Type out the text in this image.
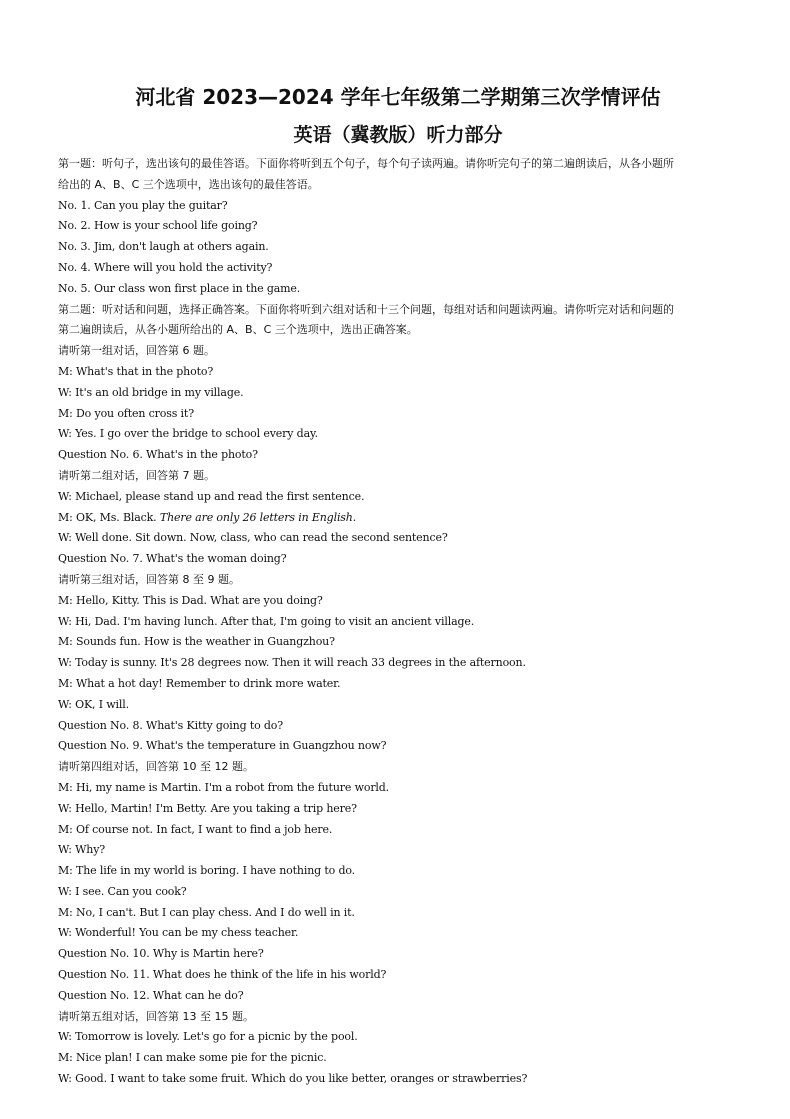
河北省 2023—2024 学年七年级第二学期第三次学情评估
英语（冀教版）听力部分
第一题：听句子，选出该句的最佳答语。下面你将听到五个句子，每个句子读两遍。请你听完句子的第二遍朗读后，从各小题所
给出的 A、B、C 三个选项中，选出该句的最佳答语。
No. 1. Can you play the guitar?
No. 2. How is your school life going?
No. 3. Jim, don't laugh at others again.
No. 4. Where will you hold the activity?
No. 5. Our class won first place in the game.
第二题：听对话和问题，选择正确答案。下面你将听到六组对话和十三个问题，每组对话和问题读两遍。请你听完对话和问题的
第二遍朗读后，从各小题所给出的 A、B、C 三个选项中，选出正确答案。
请听第一组对话，回答第 6 题。
M: What's that in the photo?
W: It's an old bridge in my village.
M: Do you often cross it?
W: Yes. I go over the bridge to school every day.
Question No. 6. What's in the photo?
请听第二组对话，回答第 7 题。
W: Michael, please stand up and read the first sentence.
M: OK, Ms. Black. There are only 26 letters in English.
W: Well done. Sit down. Now, class, who can read the second sentence?
Question No. 7. What's the woman doing?
请听第三组对话，回答第 8 至 9 题。
M: Hello, Kitty. This is Dad. What are you doing?
W: Hi, Dad. I'm having lunch. After that, I'm going to visit an ancient village.
M: Sounds fun. How is the weather in Guangzhou?
W: Today is sunny. It's 28 degrees now. Then it will reach 33 degrees in the afternoon.
M: What a hot day! Remember to drink more water.
W: OK, I will.
Question No. 8. What's Kitty going to do?
Question No. 9. What's the temperature in Guangzhou now?
请听第四组对话，回答第 10 至 12 题。
M: Hi, my name is Martin. I'm a robot from the future world.
W: Hello, Martin! I'm Betty. Are you taking a trip here?
M: Of course not. In fact, I want to find a job here.
W: Why?
M: The life in my world is boring. I have nothing to do.
W: I see. Can you cook?
M: No, I can't. But I can play chess. And I do well in it.
W: Wonderful! You can be my chess teacher.
Question No. 10. Why is Martin here?
Question No. 11. What does he think of the life in his world?
Question No. 12. What can he do?
请听第五组对话，回答第 13 至 15 题。
W: Tomorrow is lovely. Let's go for a picnic by the pool.
M: Nice plan! I can make some pie for the picnic.
W: Good. I want to take some fruit. Which do you like better, oranges or strawberries?
